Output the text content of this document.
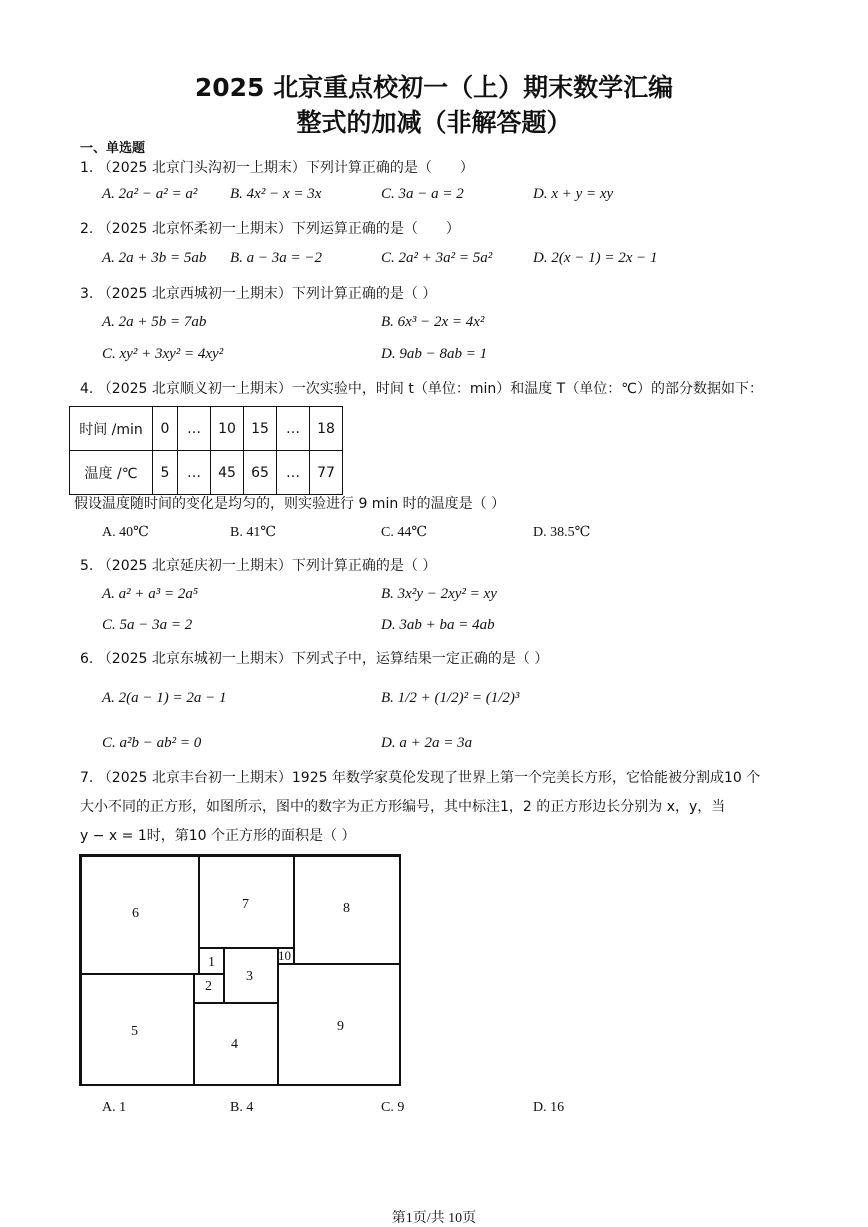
2025 北京重点校初一（上）期末数学汇编
整式的加减（非解答题）
一、单选题
1. （2025 北京门头沟初一上期末）下列计算正确的是（　　）
A. 2a² − a² = a² B. 4x² − x = 3x	C. 3a − a = 2	D. x + y = xy
2. （2025 北京怀柔初一上期末）下列运算正确的是（　　）
A. 2a + 3b = 5ab B. a − 3a = −2	C. 2a² + 3a² = 5a²	D. 2(x − 1) = 2x − 1
3. （2025 北京西城初一上期末）下列计算正确的是（ ）
A. 2a + 5b = 7ab	B. 6x³ − 2x = 4x²
C. xy² + 3xy² = 4xy²	D. 9ab − 8ab = 1
4. （2025 北京顺义初一上期末）一次实验中，时间 t（单位：min）和温度 T（单位：℃）的部分数据如下：
时间 /min	0	…	10	15	…	18
温度 /℃	5	…	45	65	…	77
假设温度随时间的变化是均匀的，则实验进行 9 min 时的温度是（ ）
A. 40℃	B. 41℃	C. 44℃	D. 38.5℃
5. （2025 北京延庆初一上期末）下列计算正确的是（ ）
A. a² + a³ = 2a⁵	B. 3x²y − 2xy² = xy
C. 5a − 3a = 2	D. 3ab + ba = 4ab
6. （2025 北京东城初一上期末）下列式子中，运算结果一定正确的是（ ）
A. 2(a − 1) = 2a − 1	B. 1/2 + (1/2)² = (1/2)³
C. a²b − ab² = 0	D. a + 2a = 3a
7. （2025 北京丰台初一上期末）1925 年数学家莫伦发现了世界上第一个完美长方形，它恰能被分割成10 个
大小不同的正方形，如图所示，图中的数字为正方形编号，其中标注1，2 的正方形边长分别为 x，y，当
y − x = 1时，第10 个正方形的面积是（ ）
6
7	8
1	10
3
2
5
4
9
A. 1	B. 4	C. 9	D. 16
第1页/共 10页
